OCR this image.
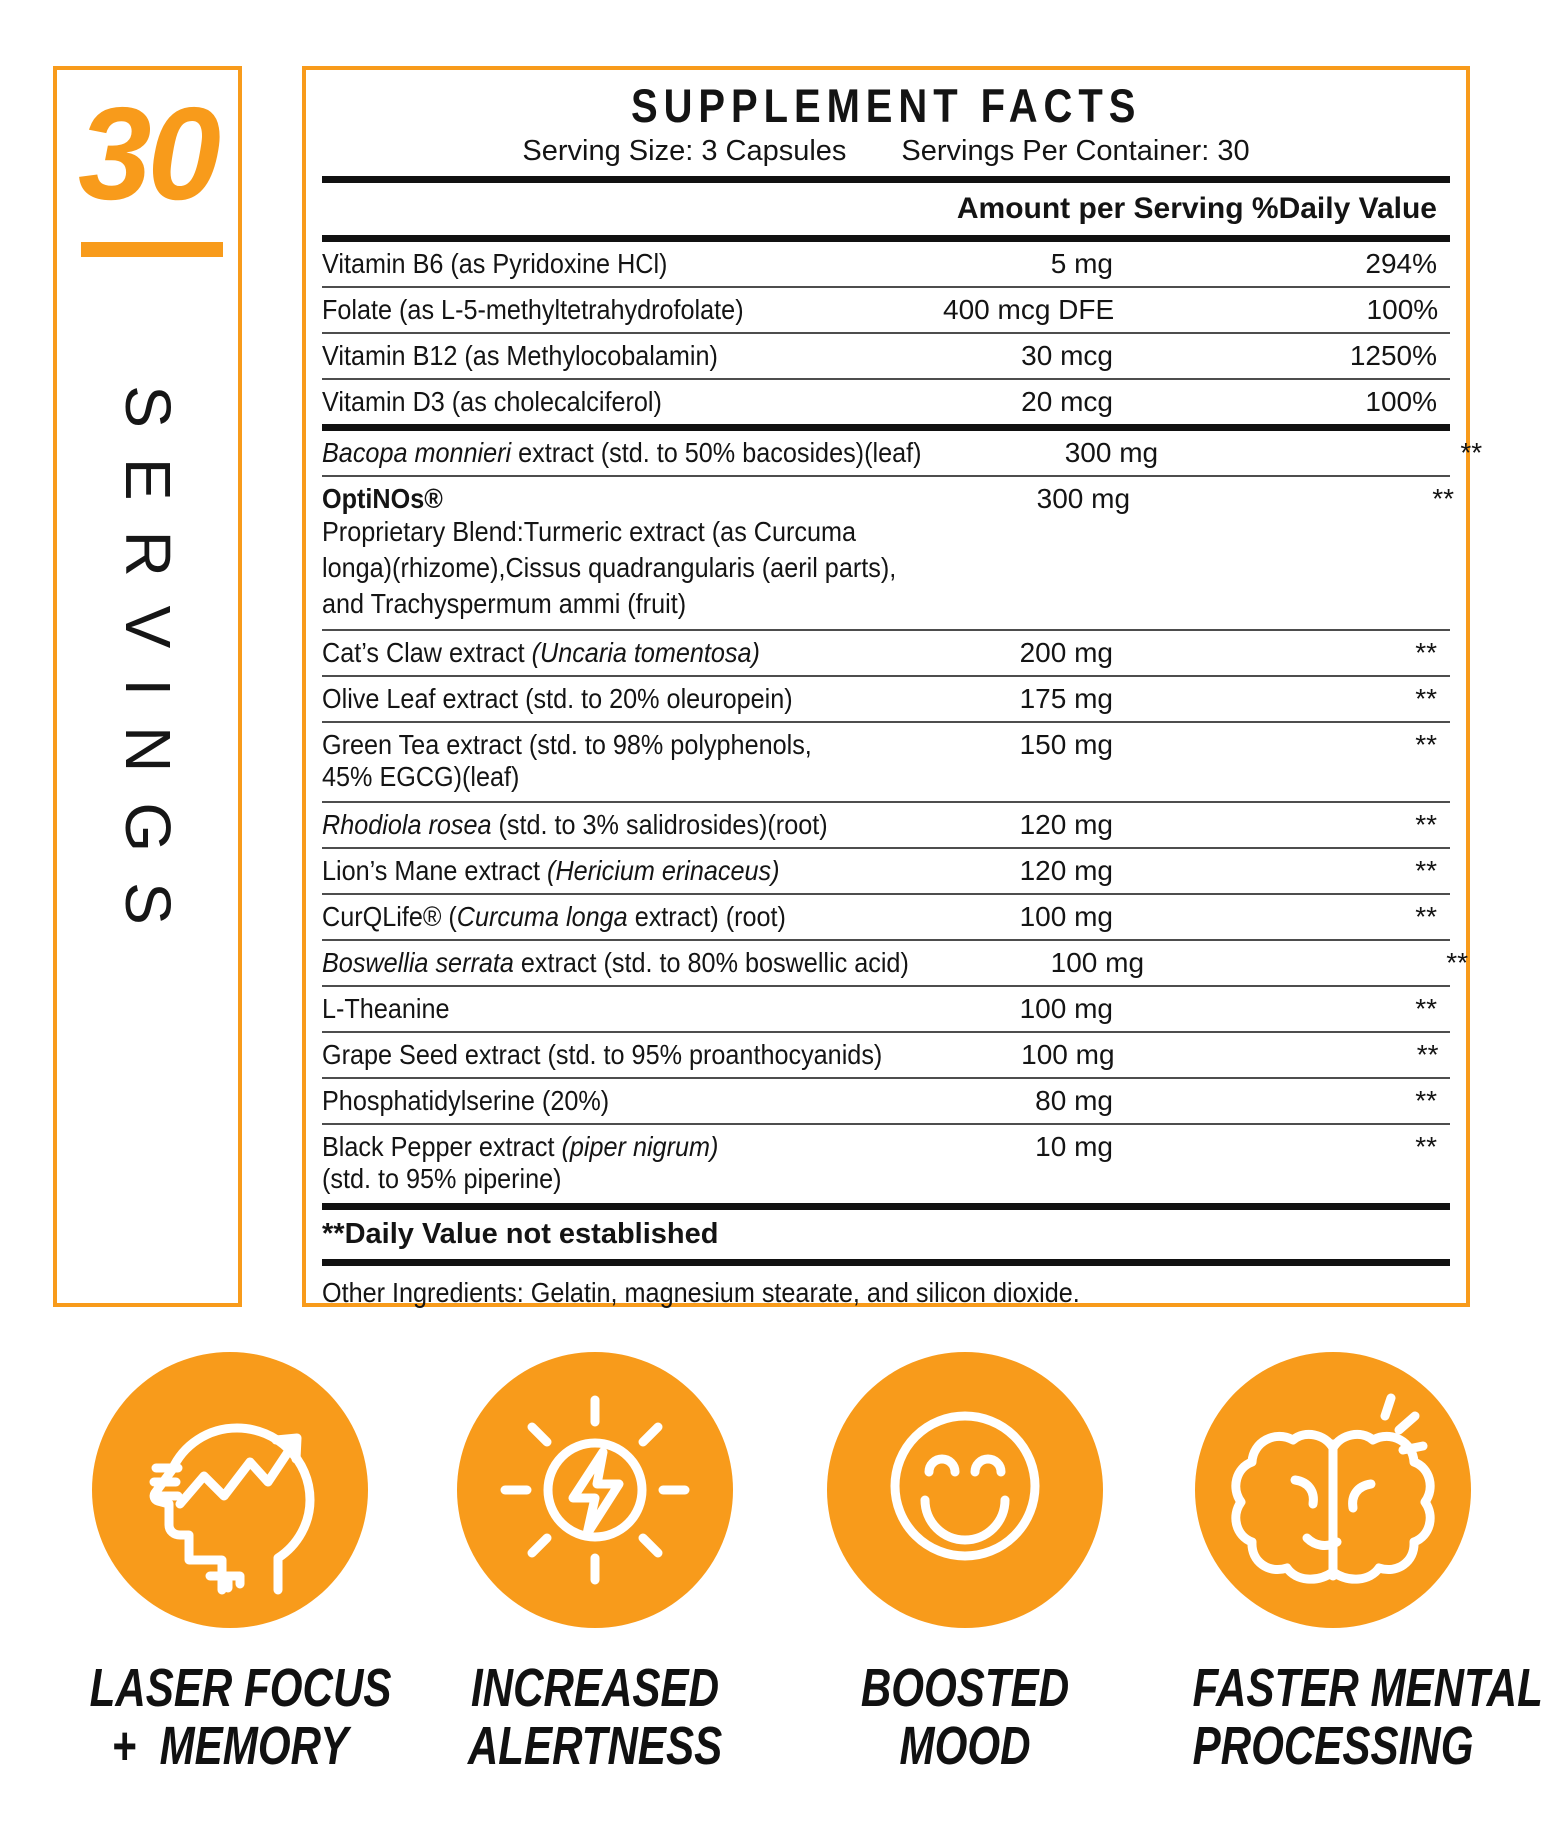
30
SERVINGS
SUPPLEMENT FACTS
Serving Size: 3 Capsules Servings Per Container: 30
Amount per Serving %Daily Value
Vitamin B6 (as Pyridoxine HCl)	5 mg	294%
Folate (as L-5-methyltetrahydrofolate)	400 mcg DFE	100%
Vitamin B12 (as Methylocobalamin)	30 mcg	1250%
Vitamin D3 (as cholecalciferol)	20 mcg	100%
Bacopa monnieri extract (std. to 50% bacosides)(leaf)	300 mg	**
OptiNOs®
Proprietary Blend:Turmeric extract (as Curcuma
longa)(rhizome),Cissus quadrangularis (aeril parts),
and Trachyspermum ammi (fruit)
300 mg	**
Cat’s Claw extract (Uncaria tomentosa)	200 mg	**
Olive Leaf extract (std. to 20% oleuropein)	175 mg	**
Green Tea extract (std. to 98% polyphenols,
45% EGCG)(leaf)
150 mg	**
Rhodiola rosea (std. to 3% salidrosides)(root)	120 mg	**
Lion’s Mane extract (Hericium erinaceus)	120 mg	**
CurQLife® (Curcuma longa extract) (root)	100 mg	**
Boswellia serrata extract (std. to 80% boswellic acid)	100 mg	**
L-Theanine	100 mg	**
Grape Seed extract (std. to 95% proanthocyanids)	100 mg	**
Phosphatidylserine (20%)	80 mg	**
Black Pepper extract (piper nigrum)
(std. to 95% piperine)
10 mg	**
**Daily Value not established
Other Ingredients: Gelatin, magnesium stearate, and silicon dioxide.
LASER FOCUS
+  MEMORY
INCREASED
ALERTNESS
BOOSTED
MOOD
FASTER MENTAL
PROCESSING
